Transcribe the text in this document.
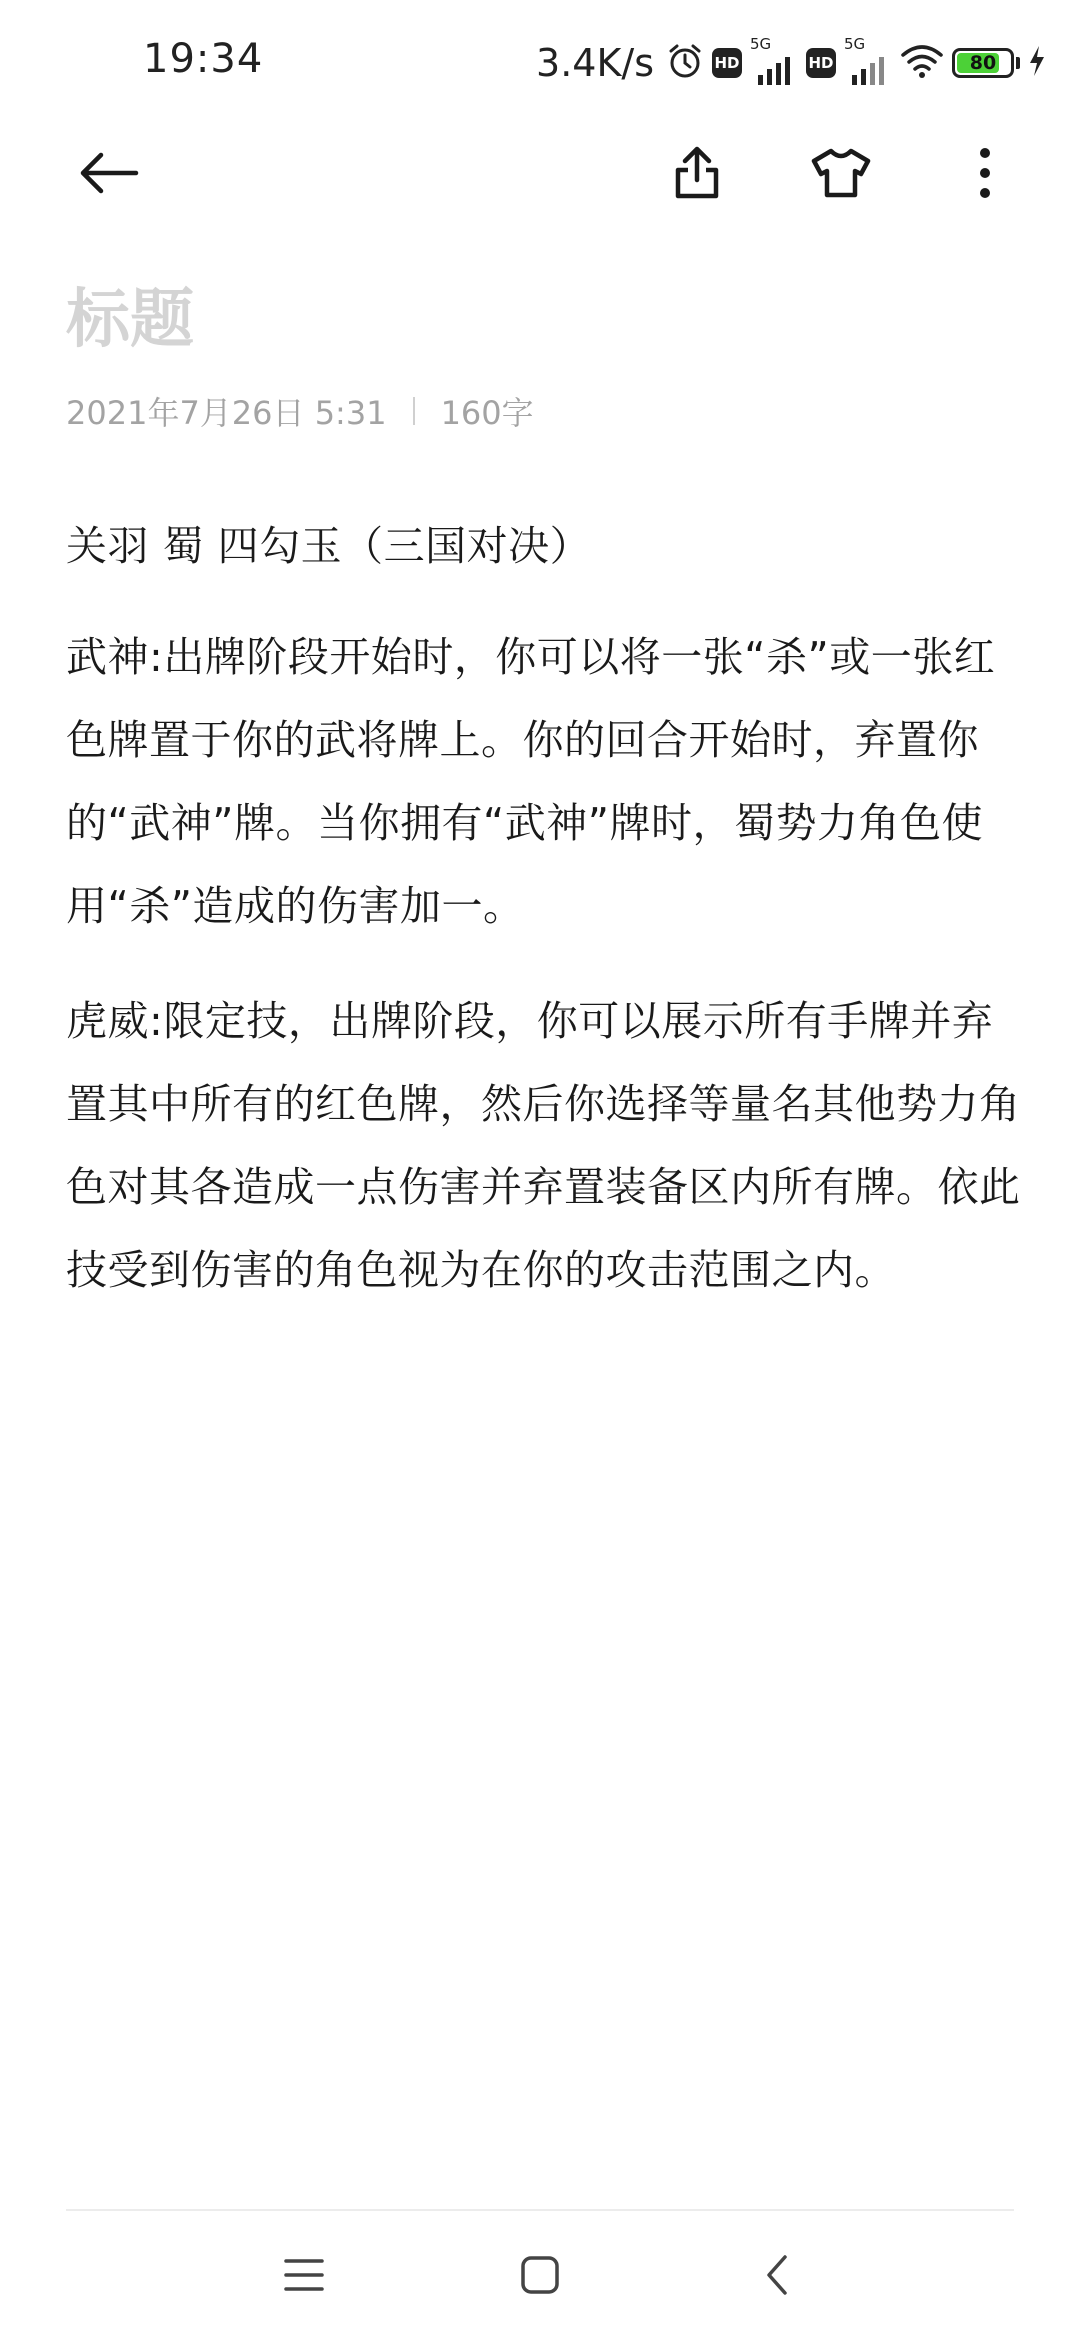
19:34	3.4K/s	HD
5G
HD
5G
80
标题
2021年7月26日 5:31 160字

关羽 蜀 四勾玉（三国对决）

武神:出牌阶段开始时，你可以将一张“杀”或一张红色牌置于你的武将牌上。你的回合开始时，弃置你的“武神”牌。当你拥有“武神”牌时，蜀势力角色使用“杀”造成的伤害加一。

虎威:限定技，出牌阶段，你可以展示所有手牌并弃置其中所有的红色牌，然后你选择等量名其他势力角色对其各造成一点伤害并弃置装备区内所有牌。依此技受到伤害的角色视为在你的攻击范围之内。
